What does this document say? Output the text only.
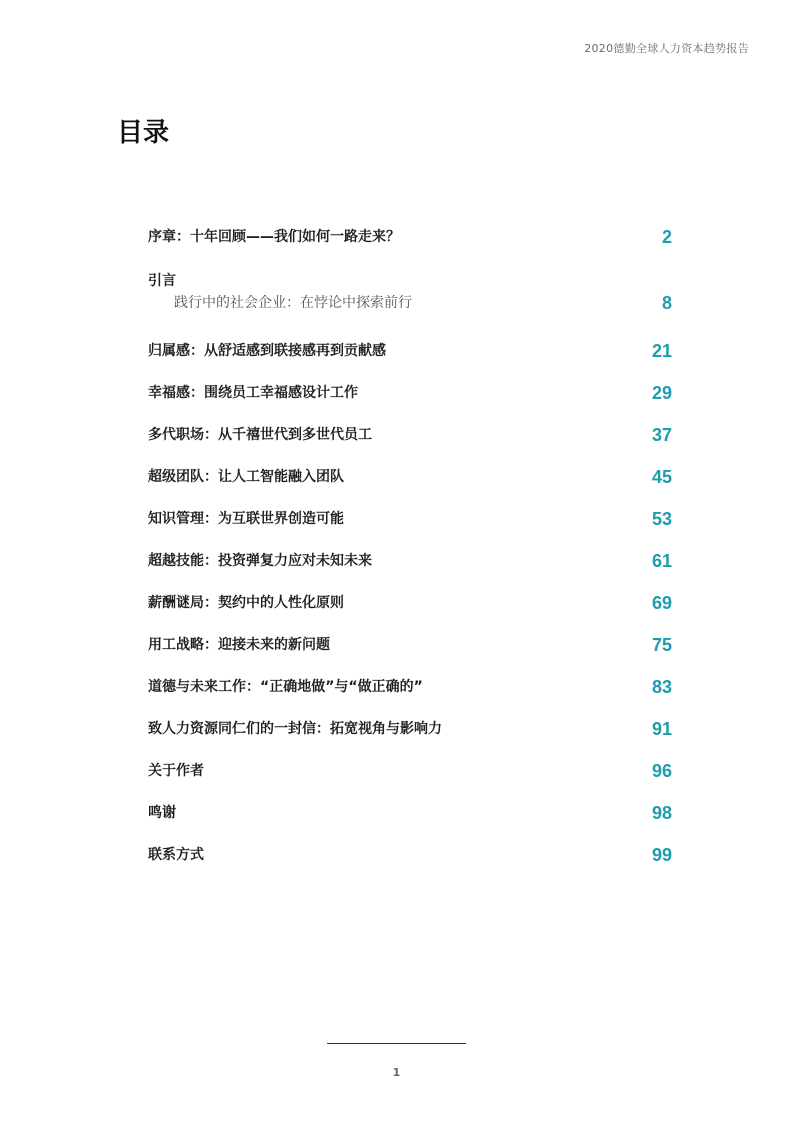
2020德勤全球人力资本趋势报告
目录
序章：十年回顾——我们如何一路走来？	2
引言
践行中的社会企业：在悖论中探索前行	8
归属感：从舒适感到联接感再到贡献感	21
幸福感：围绕员工幸福感设计工作	29
多代职场：从千禧世代到多世代员工	37
超级团队：让人工智能融入团队	45
知识管理：为互联世界创造可能	53
超越技能：投资弹复力应对未知未来	61
薪酬谜局：契约中的人性化原则	69
用工战略：迎接未来的新问题	75
道德与未来工作：“正确地做”与“做正确的”	83
致人力资源同仁们的一封信：拓宽视角与影响力	91
关于作者	96
鸣谢	98
联系方式	99
1
